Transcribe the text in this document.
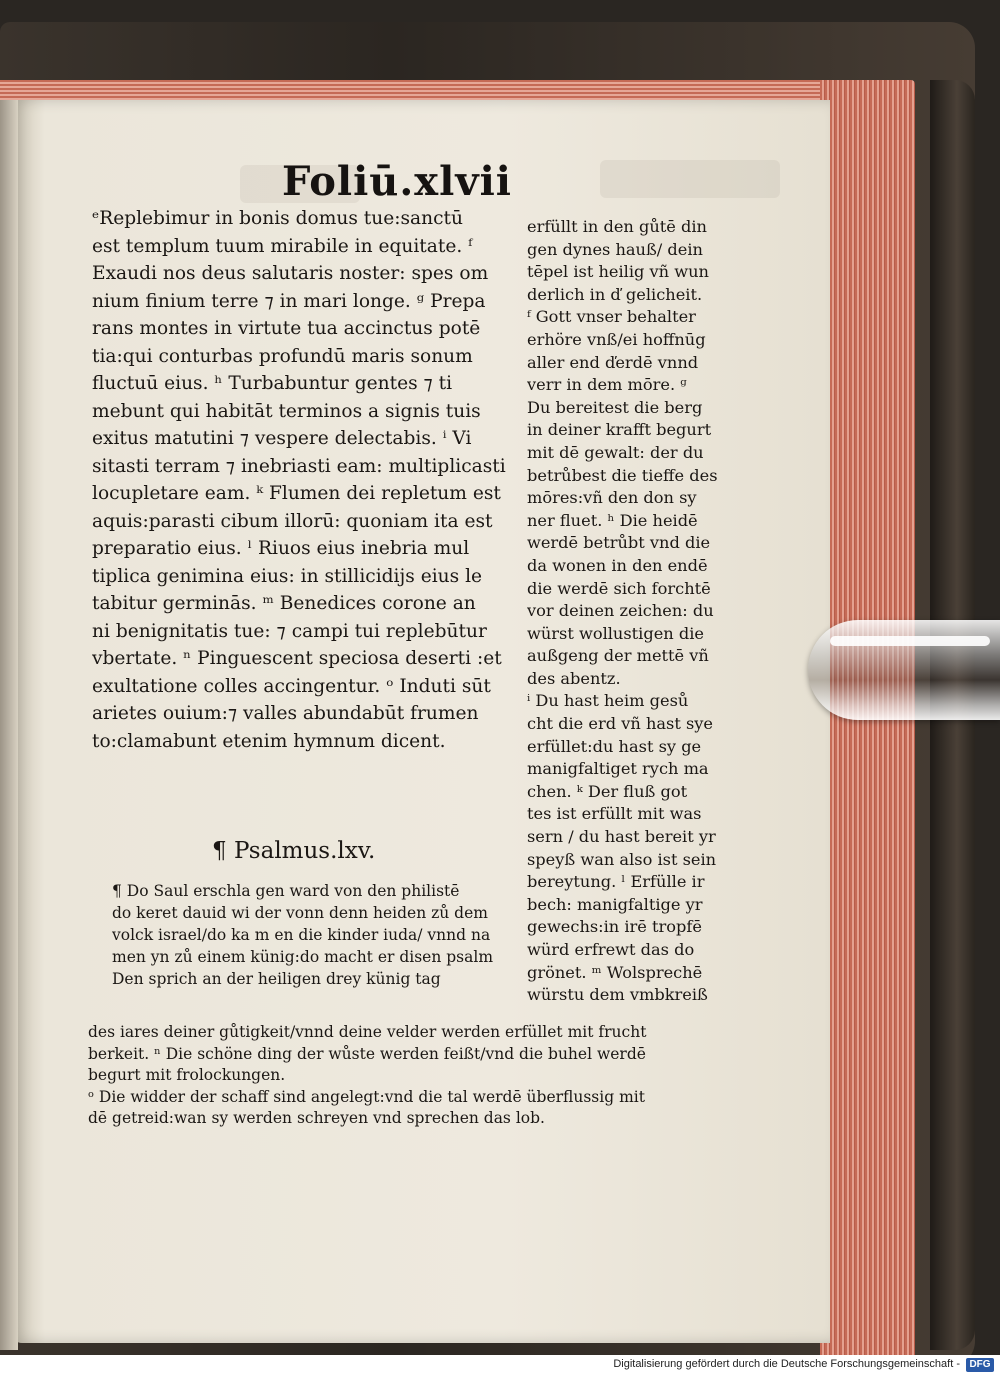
Foliū.xlvii
ᵉReplebimur in bonis domus tue:sanctū
est templum tuum mirabile in equitate. ᶠ
Exaudi nos deus salutaris noster: spes om
nium finium terre ⁊ in mari longe. ᵍ Prepa
rans montes in virtute tua accinctus potē
tia:qui conturbas profundū maris sonum
fluctuū eius. ʰ Turbabuntur gentes ⁊ ti
mebunt qui habitāt terminos a signis tuis
exitus matutini ⁊ vespere delectabis. ⁱ Vi
sitasti terram ⁊ inebriasti eam: multiplicasti
locupletare eam. ᵏ Flumen dei repletum est
aquis:parasti cibum illorū: quoniam ita est
preparatio eius. ˡ Riuos eius inebria mul
tiplica genimina eius: in stillicidijs eius le
tabitur germinās. ᵐ Benedices corone an
ni benignitatis tue: ⁊ campi tui replebūtur
vbertate. ⁿ Pinguescent speciosa deserti :et
exultatione colles accingentur. ᵒ Induti sūt
arietes ouium:⁊ valles abundabūt frumen
to:clamabunt etenim hymnum dicent.
erfüllt in den gůtē din
gen dynes hauß/ dein
tēpel ist heilig vñ wun
derlich in ď gelicheit.
ᶠ Gott vnser behalter
erhöre vnß/ei hoffnūg
aller end ďerdē vnnd
verr in dem mōre. ᵍ
Du bereitest die berg
in deiner krafft begurt
mit dē gewalt: der du
betrůbest die tieffe des
mōres:vñ den don sy
ner fluet. ʰ Die heidē
werdē betrůbt vnd die
da wonen in den endē
die werdē sich forchtē
vor deinen zeichen: du
würst wollustigen die
außgeng der mettē vñ
des abentz.
ⁱ Du hast heim gesů
cht die erd vñ hast sye
erfüllet:du hast sy ge
manigfaltiget rych ma
chen. ᵏ Der fluß got
tes ist erfüllt mit was
sern / du hast bereit yr
speyß wan also ist sein
bereytung. ˡ Erfülle ir
bech: manigfaltige yr
gewechs:in irē tropfē
würd erfrewt das do
grönet. ᵐ Wolsprechē
würstu dem vmbkreiß
¶ Psalmus.lxv.
¶ Do Saul erschla gen ward von den philistē
do keret dauid wi der vonn denn heiden zů dem
volck israel/do ka m en die kinder iuda/ vnnd na
men yn zů einem künig:do macht er disen psalm
Den sprich an der heiligen drey künig tag
des iares deiner gůtigkeit/vnnd deine velder werden erfüllet mit frucht
berkeit. ⁿ Die schöne ding der wůste werden feißt/vnd die buhel werdē
begurt mit frolockungen.
ᵒ Die widder der schaff sind angelegt:vnd die tal werdē überflussig mit
dē getreid:wan sy werden schreyen vnd sprechen das lob.
Digitalisierung gefördert durch die Deutsche Forschungsgemeinschaft - DFG
